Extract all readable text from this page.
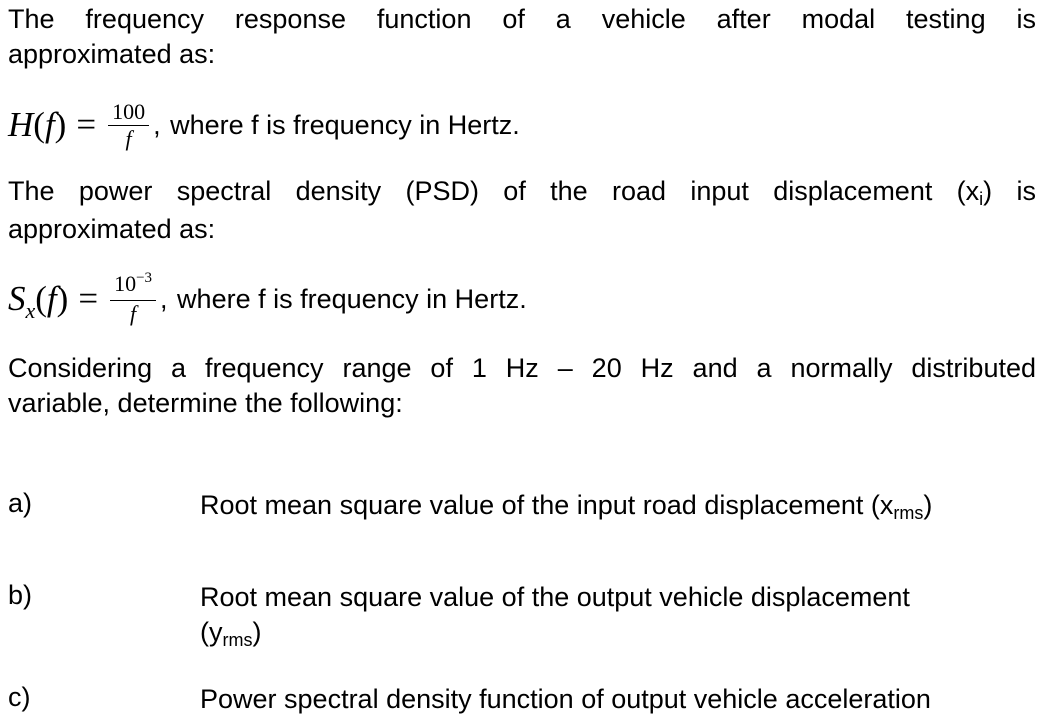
The frequency response function of a vehicle after modal testing is
approximated as:
$H(f) = \frac{100}{f}$ , where f is frequency in Hertz.
The power spectral density (PSD) of the road input displacement (xi) is
approximated as:
$S_x(f) = \frac{10^{-3}}{f}$ , where f is frequency in Hertz.
Considering a frequency range of 1 Hz – 20 Hz and a normally distributed
variable, determine the following:
a)	Root mean square value of the input road displacement (xrms)
b)	Root mean square value of the output vehicle displacement
(yrms)
c)	Power spectral density function of output vehicle acceleration
